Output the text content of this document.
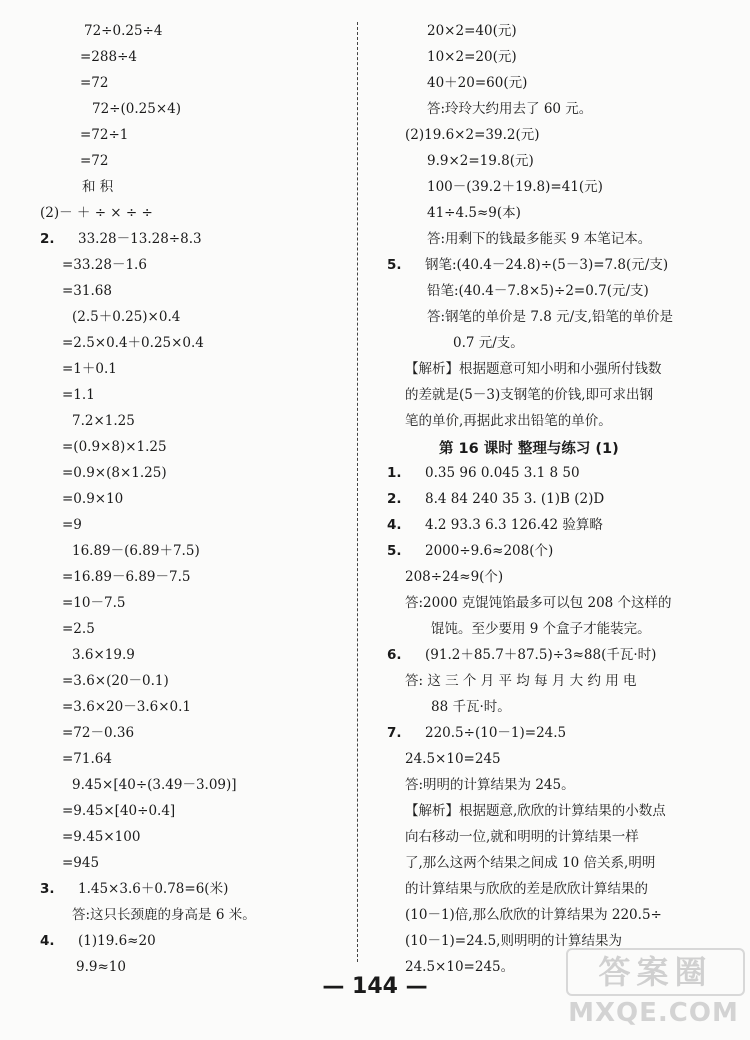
72÷0.25÷4
=288÷4
=72
72÷(0.25×4)
=72÷1
=72
和 积
(2)－ ＋ ÷ × ÷ ÷
2. 33.28－13.28÷8.3
=33.28－1.6
=31.68
(2.5＋0.25)×0.4
=2.5×0.4＋0.25×0.4
=1＋0.1
=1.1
7.2×1.25
=(0.9×8)×1.25
=0.9×(8×1.25)
=0.9×10
=9
16.89－(6.89＋7.5)
=16.89－6.89－7.5
=10－7.5
=2.5
3.6×19.9
=3.6×(20－0.1)
=3.6×20－3.6×0.1
=72－0.36
=71.64
9.45×[40÷(3.49－3.09)]
=9.45×[40÷0.4]
=9.45×100
=945
3. 1.45×3.6＋0.78=6(米)
答:这只长颈鹿的身高是 6 米。
4. (1)19.6≈20
9.9≈10
第 16 课时 整理与练习 (1)
20×2=40(元)
10×2=20(元)
40＋20=60(元)
答:玲玲大约用去了 60 元。
(2)19.6×2=39.2(元)
9.9×2=19.8(元)
100－(39.2＋19.8)=41(元)
41÷4.5≈9(本)
答:用剩下的钱最多能买 9 本笔记本。
5. 钢笔:(40.4－24.8)÷(5－3)=7.8(元/支)
铅笔:(40.4－7.8×5)÷2=0.7(元/支)
答:钢笔的单价是 7.8 元/支,铅笔的单价是
0.7 元/支。
【解析】根据题意可知小明和小强所付钱数
的差就是(5－3)支钢笔的价钱,即可求出钢
笔的单价,再据此求出铅笔的单价。
1. 0.35 96 0.045 3.1 8 50
2. 8.4 84 240 35 3. (1)B (2)D
4. 4.2 93.3 6.3 126.42 验算略
5. 2000÷9.6≈208(个)
208÷24≈9(个)
答:2000 克馄饨馅最多可以包 208 个这样的
馄饨。至少要用 9 个盒子才能装完。
6. (91.2＋85.7＋87.5)÷3≈88(千瓦·时)
答: 这 三 个 月 平 均 每 月 大 约 用 电
88 千瓦·时。
7. 220.5÷(10－1)=24.5
24.5×10=245
答:明明的计算结果为 245。
【解析】根据题意,欣欣的计算结果的小数点
向右移动一位,就和明明的计算结果一样
了,那么这两个结果之间成 10 倍关系,明明
的计算结果与欣欣的差是欣欣计算结果的
(10－1)倍,那么欣欣的计算结果为 220.5÷
(10－1)=24.5,则明明的计算结果为
24.5×10=245。
— 144 —	答案圈
MXQE.COM
